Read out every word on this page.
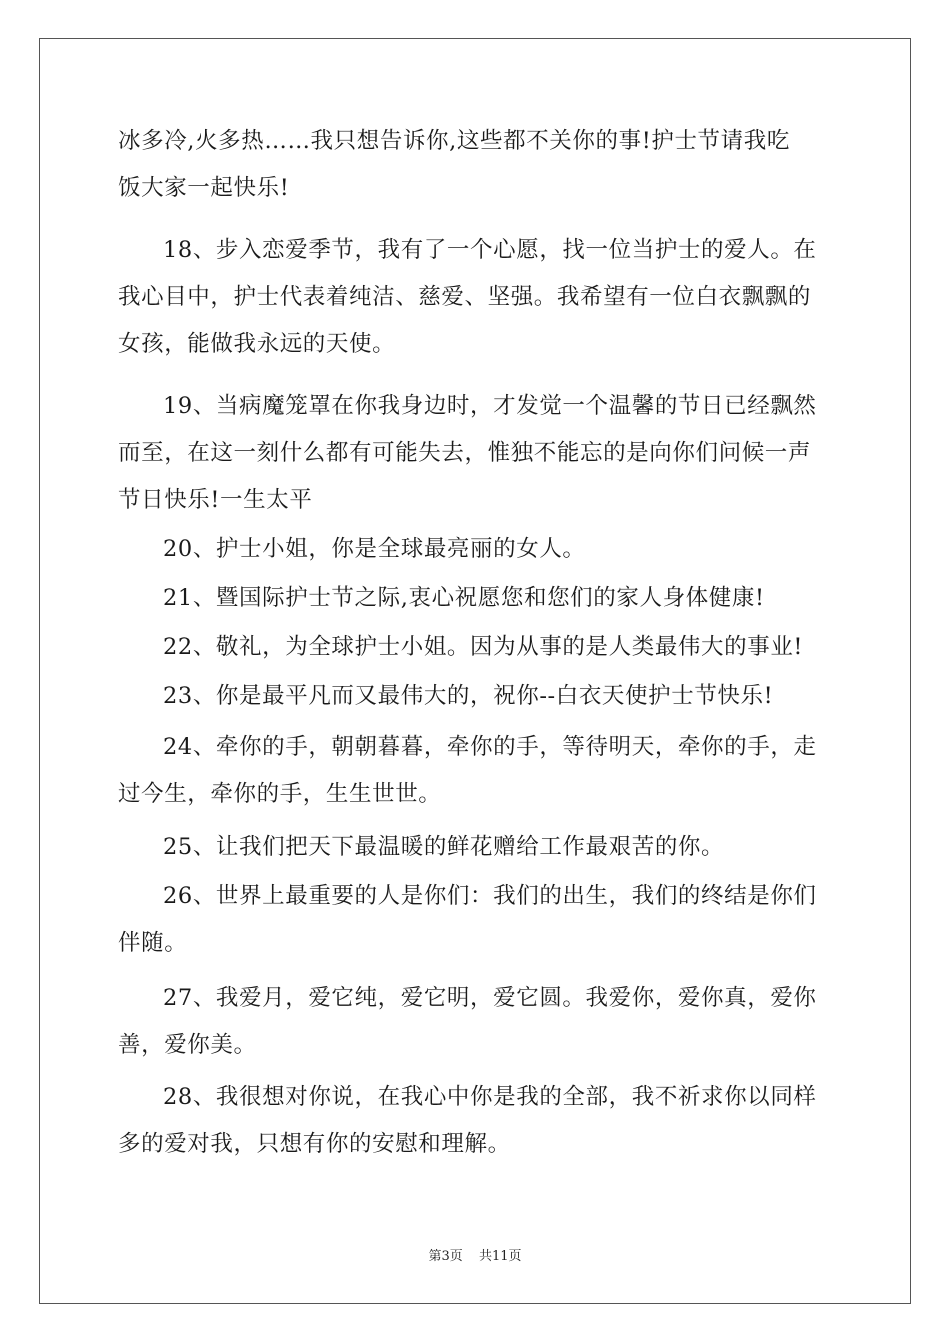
冰多冷,火多热……我只想告诉你,这些都不关你的事!护士节请我吃
饭大家一起快乐!
18、步入恋爱季节，我有了一个心愿，找一位当护士的爱人。在
我心目中，护士代表着纯洁、慈爱、坚强。我希望有一位白衣飘飘的
女孩，能做我永远的天使。
19、当病魔笼罩在你我身边时，才发觉一个温馨的节日已经飘然
而至，在这一刻什么都有可能失去，惟独不能忘的是向你们问候一声
节日快乐!一生太平
20、护士小姐，你是全球最亮丽的女人。
21、暨国际护士节之际,衷心祝愿您和您们的家人身体健康!
22、敬礼，为全球护士小姐。因为从事的是人类最伟大的事业!
23、你是最平凡而又最伟大的，祝你--白衣天使护士节快乐!
24、牵你的手，朝朝暮暮，牵你的手，等待明天，牵你的手，走
过今生，牵你的手，生生世世。
25、让我们把天下最温暖的鲜花赠给工作最艰苦的你。
26、世界上最重要的人是你们：我们的出生，我们的终结是你们
伴随。
27、我爱月，爱它纯，爱它明，爱它圆。我爱你，爱你真，爱你
善，爱你美。
28、我很想对你说，在我心中你是我的全部，我不祈求你以同样
多的爱对我，只想有你的安慰和理解。
第3页 共11页
